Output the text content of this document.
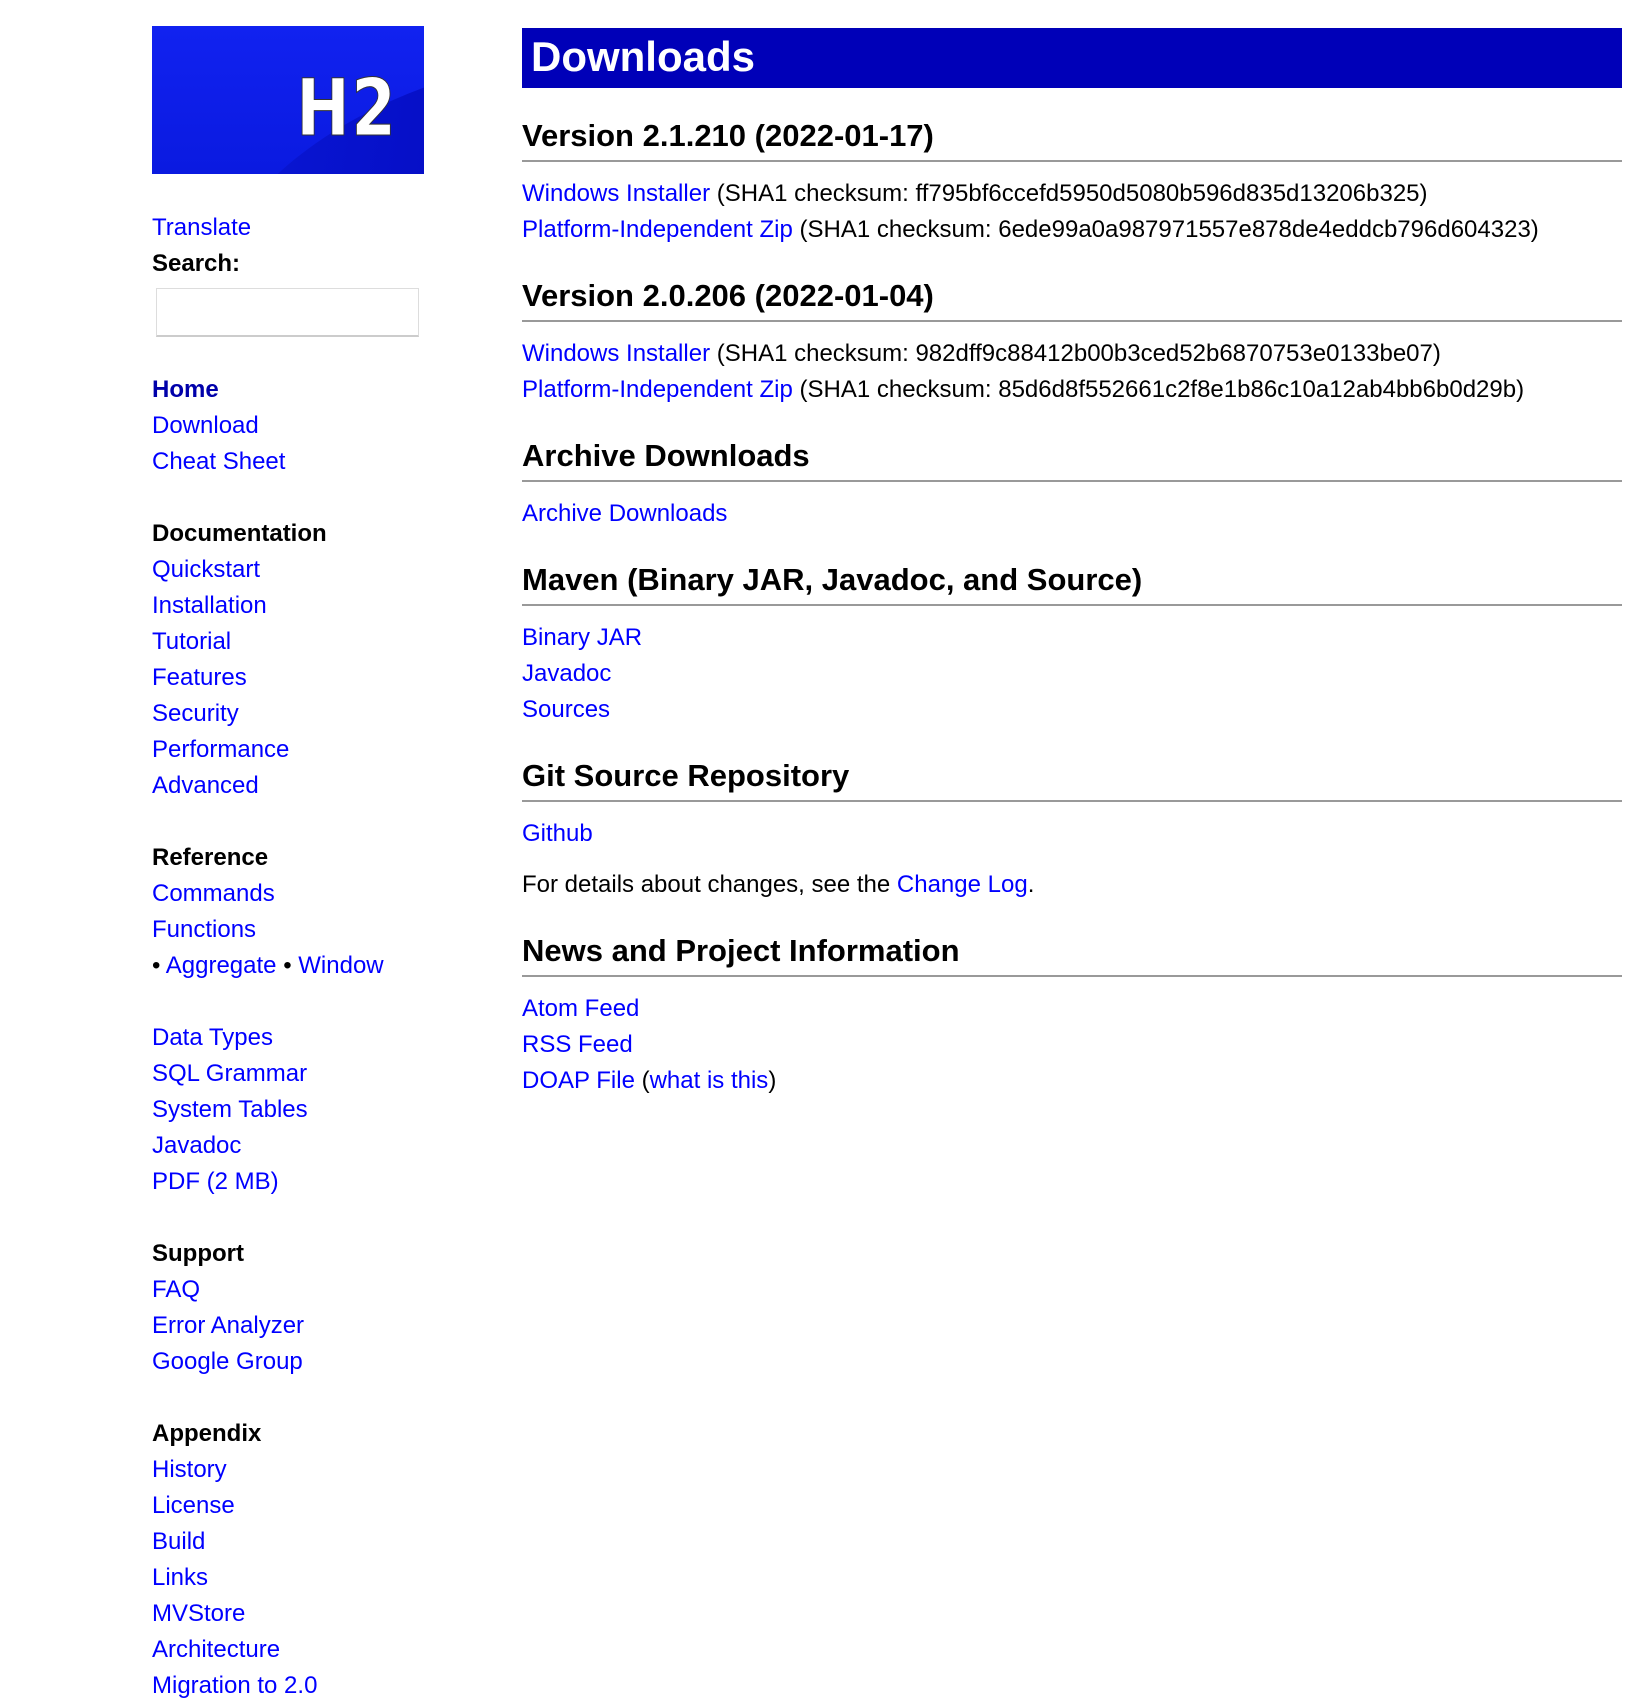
H2
Translate
Search:
Home
Download
Cheat Sheet
Documentation
Quickstart
Installation
Tutorial
Features
Security
Performance
Advanced
Reference
Commands
Functions
• Aggregate • Window
Data Types
SQL Grammar
System Tables
Javadoc
PDF (2 MB)
Support
FAQ
Error Analyzer
Google Group
Appendix
History
License
Build
Links
MVStore
Architecture
Migration to 2.0
Downloads
Version 2.1.210 (2022-01-17)
Windows Installer (SHA1 checksum: ff795bf6ccefd5950d5080b596d835d13206b325)
Platform-Independent Zip (SHA1 checksum: 6ede99a0a987971557e878de4eddcb796d604323)
Version 2.0.206 (2022-01-04)
Windows Installer (SHA1 checksum: 982dff9c88412b00b3ced52b6870753e0133be07)
Platform-Independent Zip (SHA1 checksum: 85d6d8f552661c2f8e1b86c10a12ab4bb6b0d29b)
Archive Downloads
Archive Downloads
Maven (Binary JAR, Javadoc, and Source)
Binary JAR
Javadoc
Sources
Git Source Repository
Github
For details about changes, see the Change Log.
News and Project Information
Atom Feed
RSS Feed
DOAP File (what is this)
